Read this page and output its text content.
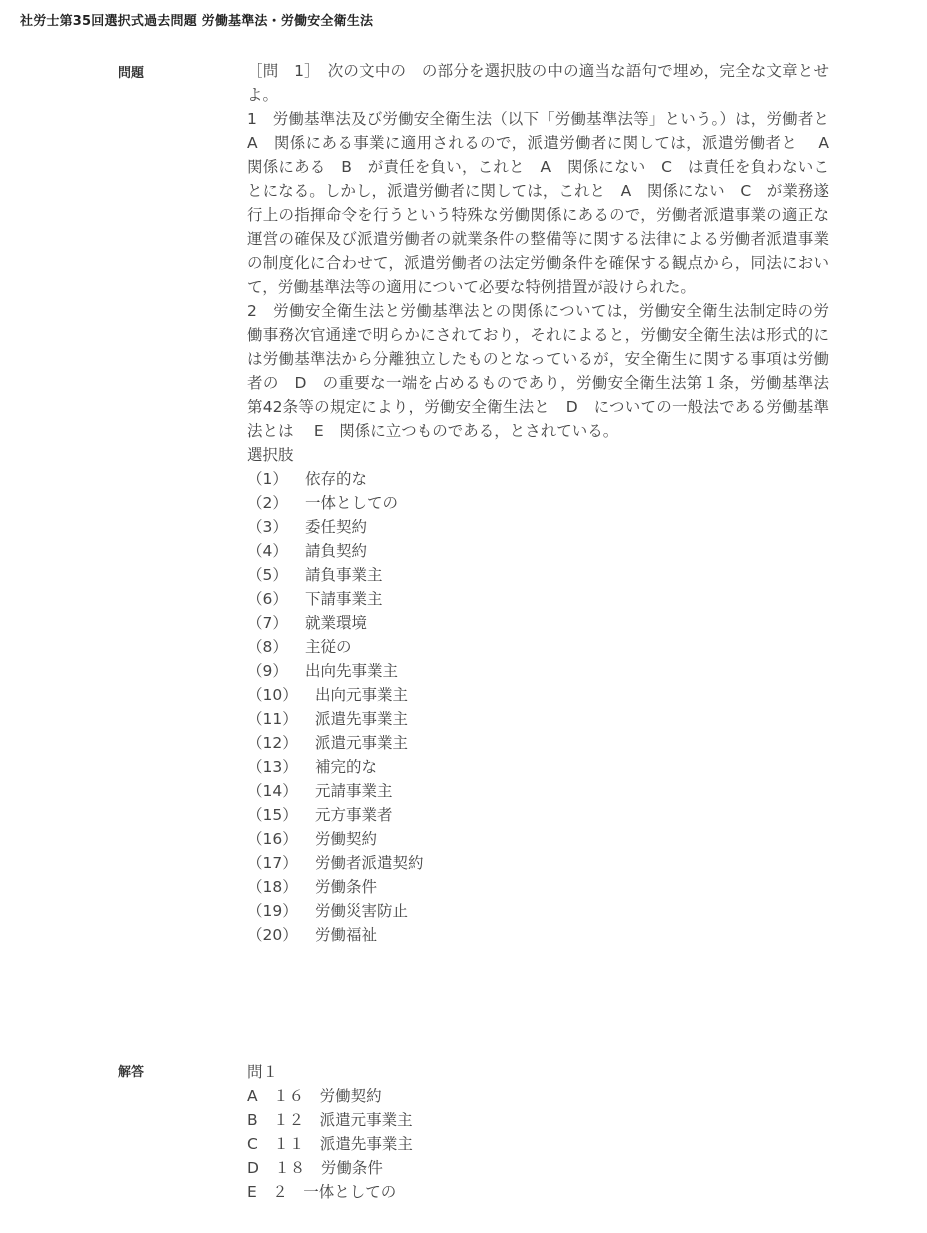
社労士第35回選択式過去問題 労働基準法・労働安全衛生法
問題	［問　1］　次の文中の　の部分を選択肢の中の適当な語句で埋め，完全な文章とせよ。

1　労働基準法及び労働安全衛生法（以下「労働基準法等」という。）は，労働者と　A　関係にある事業に適用されるので，派遣労働者に関しては，派遣労働者と　 A　関係にある　B　が責任を負い，これと　A　関係にない　C　は責任を負わないことになる。しかし，派遣労働者に関しては，これと　A　関係にない　C　が業務遂行上の指揮命令を行うという特殊な労働関係にあるので，労働者派遣事業の適正な運営の確保及び派遣労働者の就業条件の整備等に関する法律による労働者派遣事業の制度化に合わせて，派遣労働者の法定労働条件を確保する観点から，同法において，労働基準法等の適用について必要な特例措置が設けられた。

2　労働安全衛生法と労働基準法との関係については，労働安全衛生法制定時の労働事務次官通達で明らかにされており，それによると，労働安全衛生法は形式的には労働基準法から分離独立したものとなっているが，安全衛生に関する事項は労働者の　D　の重要な一端を占めるものであり，労働安全衛生法第１条，労働基準法第42条等の規定により，労働安全衛生法と　D　についての一般法である労働基準法とは　 E　関係に立つものである，とされている。

選択肢

（1）	依存的な
（2）	一体としての
（3）	委任契約
（4）	請負契約
（5）	請負事業主
（6）	下請事業主
（7）	就業環境
（8）	主従の
（9）	出向先事業主
（10）	出向元事業主
（11）	派遣先事業主
（12）	派遣元事業主
（13）	補完的な
（14）	元請事業主
（15）	元方事業者
（16）	労働契約
（17）	労働者派遣契約
（18）	労働条件
（19）	労働災害防止
（20）	労働福祉
解答	問１

A　１６　労働契約

B　１２　派遣元事業主

C　１１　派遣先事業主

D　１８　労働条件

E　２　一体としての
